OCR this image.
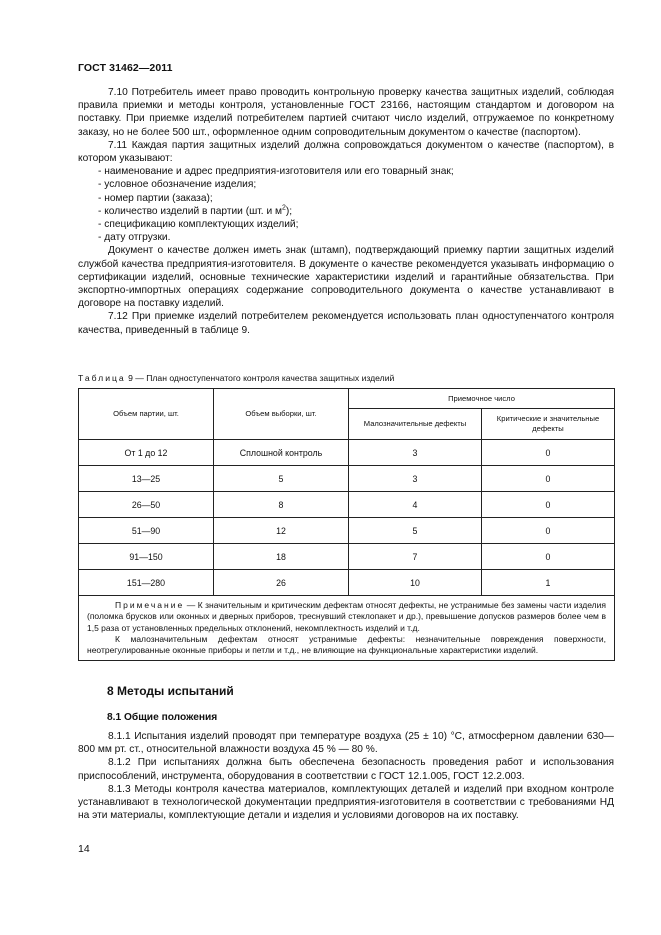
ГОСТ 31462—2011

7.10 Потребитель имеет право проводить контрольную проверку качества защитных изделий, соблюдая правила приемки и методы контроля, установленные ГОСТ 23166, настоящим стандартом и договором на поставку. При приемке изделий потребителем партией считают число изделий, отгружаемое по конкретному заказу, но не более 500 шт., оформленное одним сопроводительным документом о качестве (паспортом).

7.11 Каждая партия защитных изделий должна сопровождаться документом о качестве (паспортом), в котором указывают:

- наименование и адрес предприятия-изготовителя или его товарный знак;

- условное обозначение изделия;

- номер партии (заказа);

- количество изделий в партии (шт. и $м^2$);

- спецификацию комплектующих изделий;

- дату отгрузки.

Документ о качестве должен иметь знак (штамп), подтверждающий приемку партии защитных изделий службой качества предприятия-изготовителя. В документе о качестве рекомендуется указывать информацию о сертификации изделий, основные технические характеристики изделий и гарантийные обязательства. При экспортно-импортных операциях содержание сопроводительного документа о качестве устанавливают в договоре на поставку изделий.

7.12 При приемке изделий потребителем рекомендуется использовать план одноступенчатого контроля качества, приведенный в таблице 9.

Таблица 9 — План одноступенчатого контроля качества защитных изделий
Объем партии, шт.	Объем выборки, шт.	Приемочное число	
		Малозначительные дефекты	Критические и значительные дефекты
От 1 до 12	Сплошной контроль	3	0
13—25	5	3	0
26—50	8	4	0
51—90	12	5	0
91—150	18	7	0
151—280	26	10	1

Примечание — К значительным и критическим дефектам относят дефекты, не устранимые без замены части изделия (поломка брусков или оконных и дверных приборов, треснувший стеклопакет и др.), превышение допусков размеров более чем в 1,5 раза от установленных предельных отклонений, некомплектность изделий и т.д.

К малозначительным дефектам относят устранимые дефекты: незначительные повреждения поверхности, неотрегулированные оконные приборы и петли и т.д., не влияющие на функциональные характеристики изделий.			

8 Методы испытаний
8.1 Общие положения

8.1.1 Испытания изделий проводят при температуре воздуха (25 ± 10) °С, атмосферном давлении 630—800 мм рт. ст., относительной влажности воздуха 45 % — 80 %.

8.1.2 При испытаниях должна быть обеспечена безопасность проведения работ и использования приспособлений, инструмента, оборудования в соответствии с ГОСТ 12.1.005, ГОСТ 12.2.003.

8.1.3 Методы контроля качества материалов, комплектующих деталей и изделий при входном контроле устанавливают в технологической документации предприятия-изготовителя в соответствии с требованиями НД на эти материалы, комплектующие детали и изделия и условиями договоров на их поставку.

14
